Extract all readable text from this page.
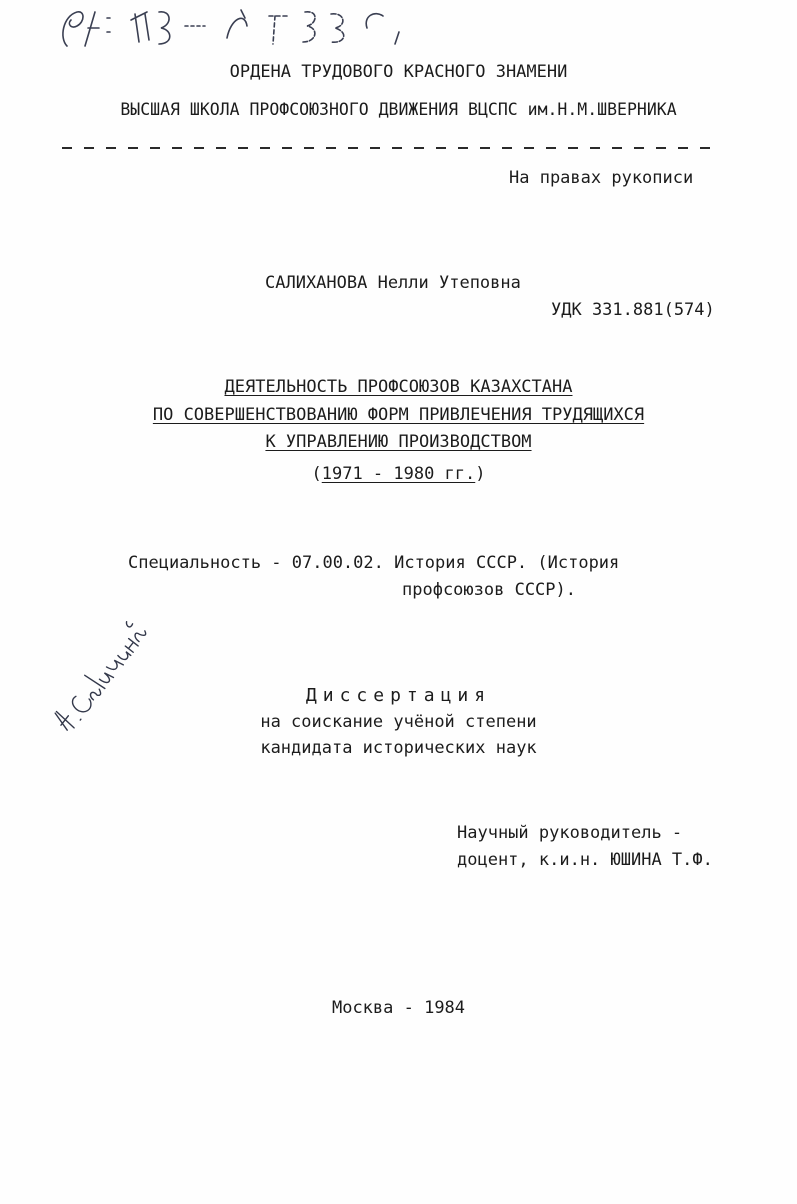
64: 85-5/539 С
ОРДЕНА ТРУДОВОГО КРАСНОГО ЗНАМЕНИ
ВЫСШАЯ ШКОЛА ПРОФСОЮЗНОГО ДВИЖЕНИЯ ВЦСПС им.Н.М.ШВЕРНИКА
На правах рукописи
САЛИХАНОВА Нелли Утеповна
УДК 331.881(574)
ДЕЯТЕЛЬНОСТЬ ПРОФСОЮЗОВ КАЗАХСТАНА
ПО СОВЕРШЕНСТВОВАНИЮ ФОРМ ПРИВЛЕЧЕНИЯ ТРУДЯЩИХСЯ
К УПРАВЛЕНИЮ ПРОИЗВОДСТВОМ
(1971 - 1980 гг.)
Специальность - 07.00.02. История СССР. (История
профсоюзов СССР).
Н.Салиханова
Диссертация
на соискание учёной степени
кандидата исторических наук
Научный руководитель -
доцент, к.и.н. ЮШИНА Т.Ф.
Москва - 1984
